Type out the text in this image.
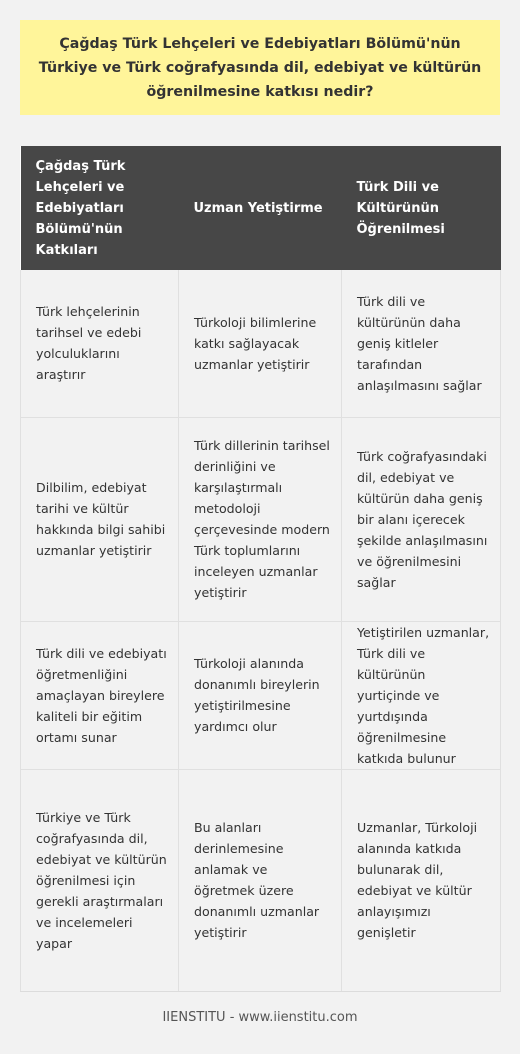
Çağdaş Türk Lehçeleri ve Edebiyatları Bölümü'nün Türkiye ve Türk coğrafyasında dil, edebiyat ve kültürün öğrenilmesine katkısı nedir?
Çağdaş Türk Lehçeleri ve Edebiyatları Bölümü'nün Katkıları	Uzman Yetiştirme	Türk Dili ve Kültürünün Öğrenilmesi
Türk lehçelerinin tarihsel ve edebi yolculuklarını araştırır	Türkoloji bilimlerine katkı sağlayacak uzmanlar yetiştirir	Türk dili ve kültürünün daha geniş kitleler tarafından anlaşılmasını sağlar
Dilbilim, edebiyat tarihi ve kültür hakkında bilgi sahibi uzmanlar yetiştirir	Türk dillerinin tarihsel derinliğini ve karşılaştırmalı metodoloji çerçevesinde modern Türk toplumlarını inceleyen uzmanlar yetiştirir	Türk coğrafyasındaki dil, edebiyat ve kültürün daha geniş bir alanı içerecek şekilde anlaşılmasını ve öğrenilmesini sağlar
Türk dili ve edebiyatı öğretmenliğini amaçlayan bireylere kaliteli bir eğitim ortamı sunar	Türkoloji alanında donanımlı bireylerin yetiştirilmesine yardımcı olur	Yetiştirilen uzmanlar, Türk dili ve kültürünün yurtiçinde ve yurtdışında öğrenilmesine katkıda bulunur
Türkiye ve Türk coğrafyasında dil, edebiyat ve kültürün öğrenilmesi için gerekli araştırmaları ve incelemeleri yapar	Bu alanları derinlemesine anlamak ve öğretmek üzere donanımlı uzmanlar yetiştirir	Uzmanlar, Türkoloji alanında katkıda bulunarak dil, edebiyat ve kültür anlayışımızı genişletir
IIENSTITU - www.iienstitu.com
